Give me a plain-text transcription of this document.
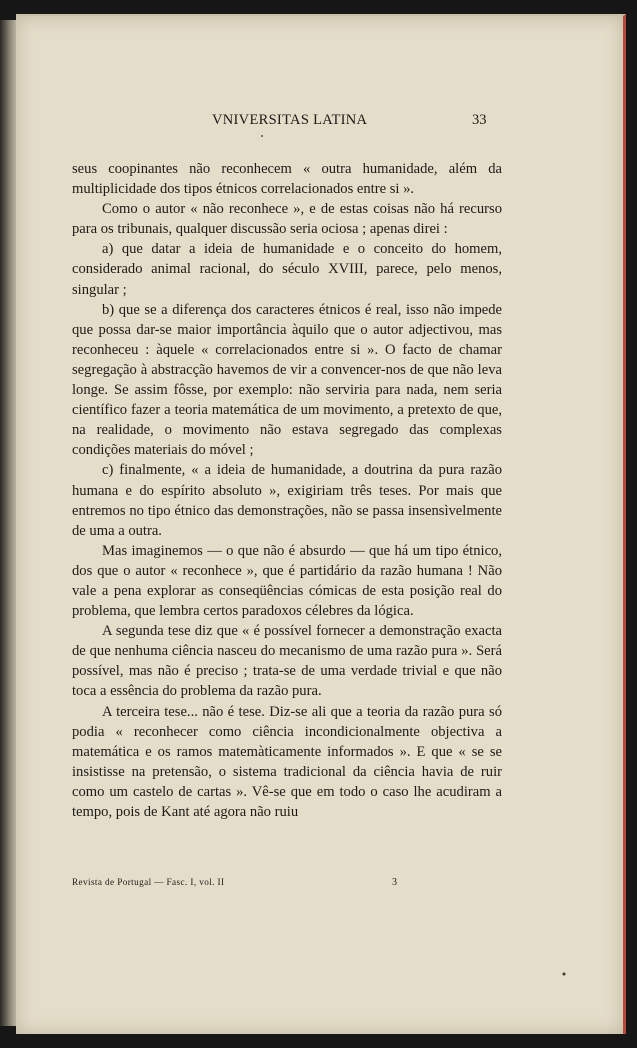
VNIVERSITAS LATINA	33

seus coopinantes não reconhecem « outra humanidade, além da multiplicidade dos tipos étnicos correlacionados entre si ».

Como o autor « não reconhece », e de estas coisas não há recurso para os tribunais, qualquer discussão seria ociosa ; apenas direi :

a) que datar a ideia de humanidade e o conceito do homem, considerado animal racional, do século XVIII, parece, pelo menos, singular ;

b) que se a diferença dos caracteres étnicos é real, isso não impede que possa dar-se maior importância àquilo que o autor adjectivou, mas reconheceu : àquele « correlacionados entre si ». O facto de chamar segregação à abstracção havemos de vir a convencer-nos de que não leva longe. Se assim fôsse, por exemplo: não serviria para nada, nem seria científico fazer a teoria matemática de um movimento, a pretexto de que, na realidade, o movimento não estava segregado das complexas condições materiais do móvel ;

c) finalmente, « a ideia de humanidade, a doutrina da pura razão humana e do espírito absoluto », exigiriam três teses. Por mais que entremos no tipo étnico das demonstrações, não se passa insensìvelmente de uma a outra.

Mas imaginemos — o que não é absurdo — que há um tipo étnico, dos que o autor « reconhece », que é partidário da razão humana ! Não vale a pena explorar as conseqüências cómicas de esta posição real do problema, que lembra certos paradoxos célebres da lógica.

A segunda tese diz que « é possível fornecer a demonstração exacta de que nenhuma ciência nasceu do mecanismo de uma razão pura ». Será possível, mas não é preciso ; trata-se de uma verdade trivial e que não toca a essência do problema da razão pura.

A terceira tese... não é tese. Diz-se ali que a teoria da razão pura só podia « reconhecer como ciência incondicionalmente objectiva a matemática e os ramos matemàticamente informados ». E que « se se insistisse na pretensão, o sistema tradicional da ciência havia de ruir como um castelo de cartas ». Vê-se que em todo o caso lhe acudiram a tempo, pois de Kant até agora não ruiu

Revista de Portugal — Fasc. I, vol. II	3
